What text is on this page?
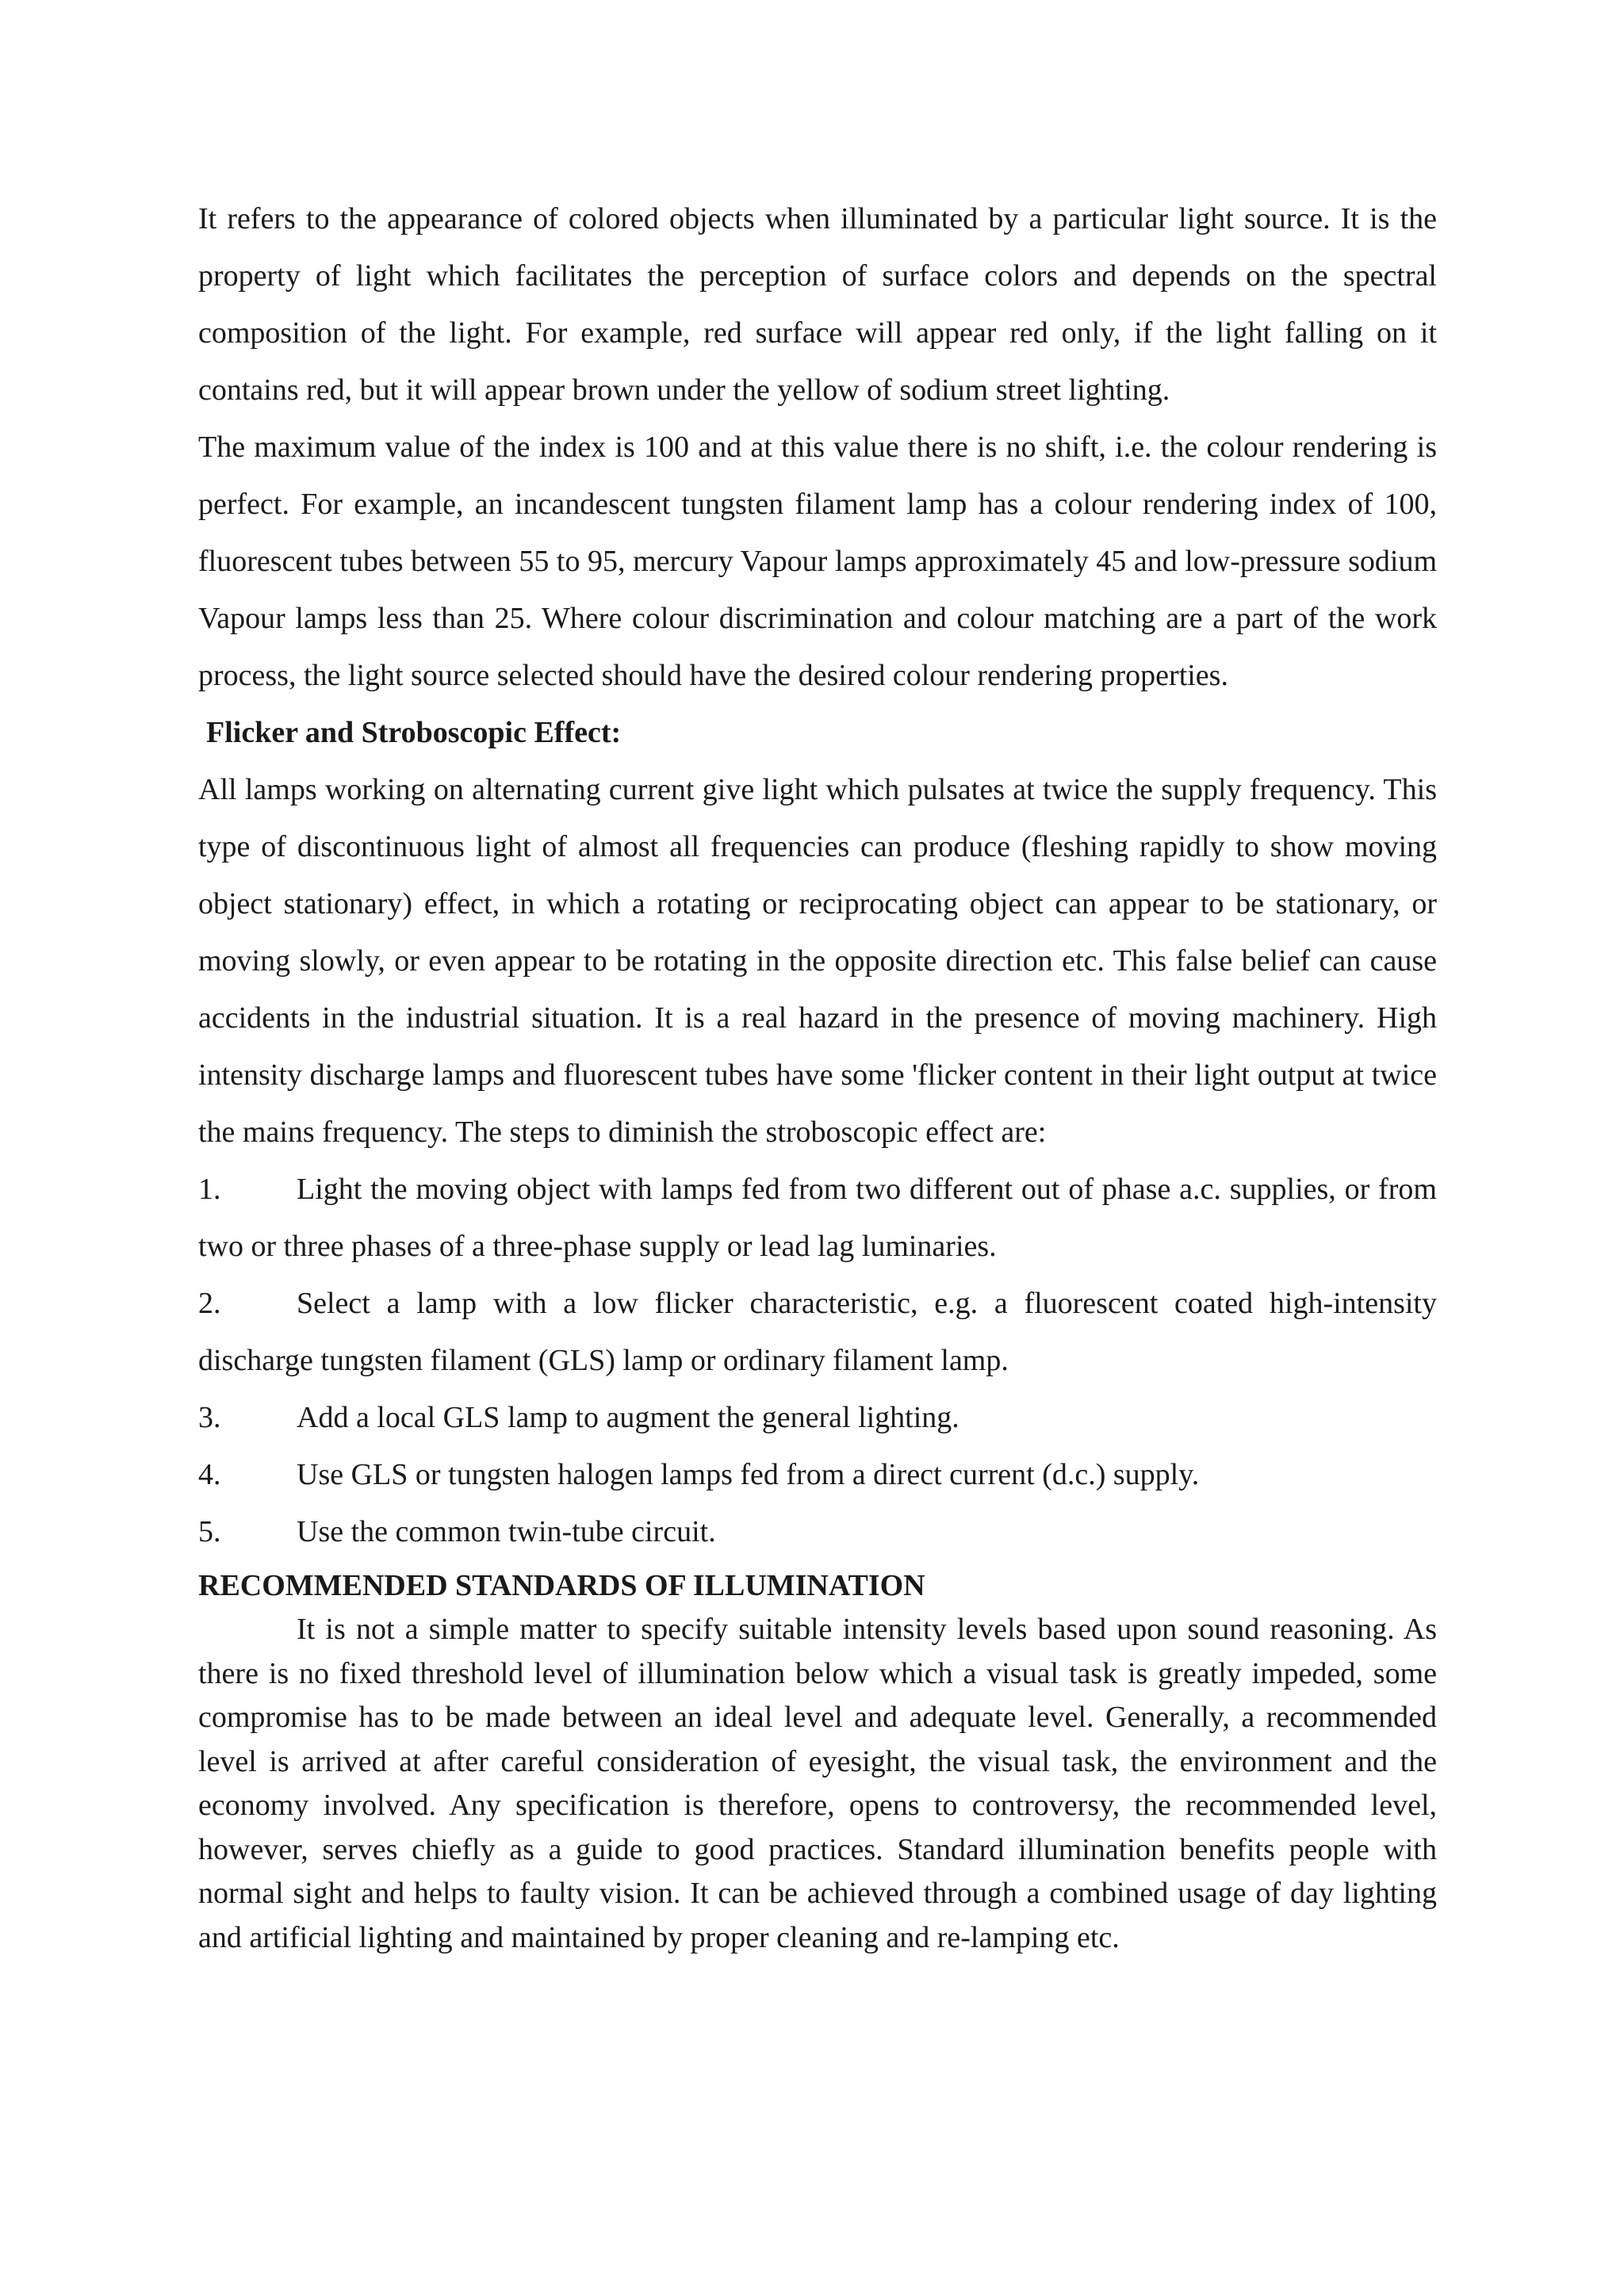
It refers to the appearance of colored objects when illuminated by a particular light source. It is the property of light which facilitates the perception of surface colors and depends on the spectral composition of the light. For example, red surface will appear red only, if the light falling on it contains red, but it will appear brown under the yellow of sodium street lighting.

The maximum value of the index is 100 and at this value there is no shift, i.e. the colour rendering is perfect. For example, an incandescent tungsten filament lamp has a colour rendering index of 100, fluorescent tubes between 55 to 95, mercury Vapour lamps approximately 45 and low-pressure sodium Vapour lamps less than 25. Where colour discrimination and colour matching are a part of the work process, the light source selected should have the desired colour rendering properties.

Flicker and Stroboscopic Effect:

All lamps working on alternating current give light which pulsates at twice the supply frequency. This type of discontinuous light of almost all frequencies can produce (fleshing rapidly to show moving object stationary) effect, in which a rotating or reciprocating object can appear to be stationary, or moving slowly, or even appear to be rotating in the opposite direction etc. This false belief can cause accidents in the industrial situation. It is a real hazard in the presence of moving machinery. High intensity discharge lamps and fluorescent tubes have some 'flicker content in their light output at twice the mains frequency. The steps to diminish the stroboscopic effect are:

1.	Light the moving object with lamps fed from two different out of phase a.c. supplies, or from two or three phases of a three-phase supply or lead lag luminaries.
2.	Select a lamp with a low flicker characteristic, e.g. a fluorescent coated high-intensity discharge tungsten filament (GLS) lamp or ordinary filament lamp.
3.	Add a local GLS lamp to augment the general lighting.
4.	Use GLS or tungsten halogen lamps fed from a direct current (d.c.) supply.
5.	Use the common twin-tube circuit.

RECOMMENDED STANDARDS OF ILLUMINATION

It is not a simple matter to specify suitable intensity levels based upon sound reasoning. As there is no fixed threshold level of illumination below which a visual task is greatly impeded, some compromise has to be made between an ideal level and adequate level. Generally, a recommended level is arrived at after careful consideration of eyesight, the visual task, the environment and the economy involved. Any specification is therefore, opens to controversy, the recommended level, however, serves chiefly as a guide to good practices. Standard illumination benefits people with normal sight and helps to faulty vision. It can be achieved through a combined usage of day lighting and artificial lighting and maintained by proper cleaning and re-lamping etc.
